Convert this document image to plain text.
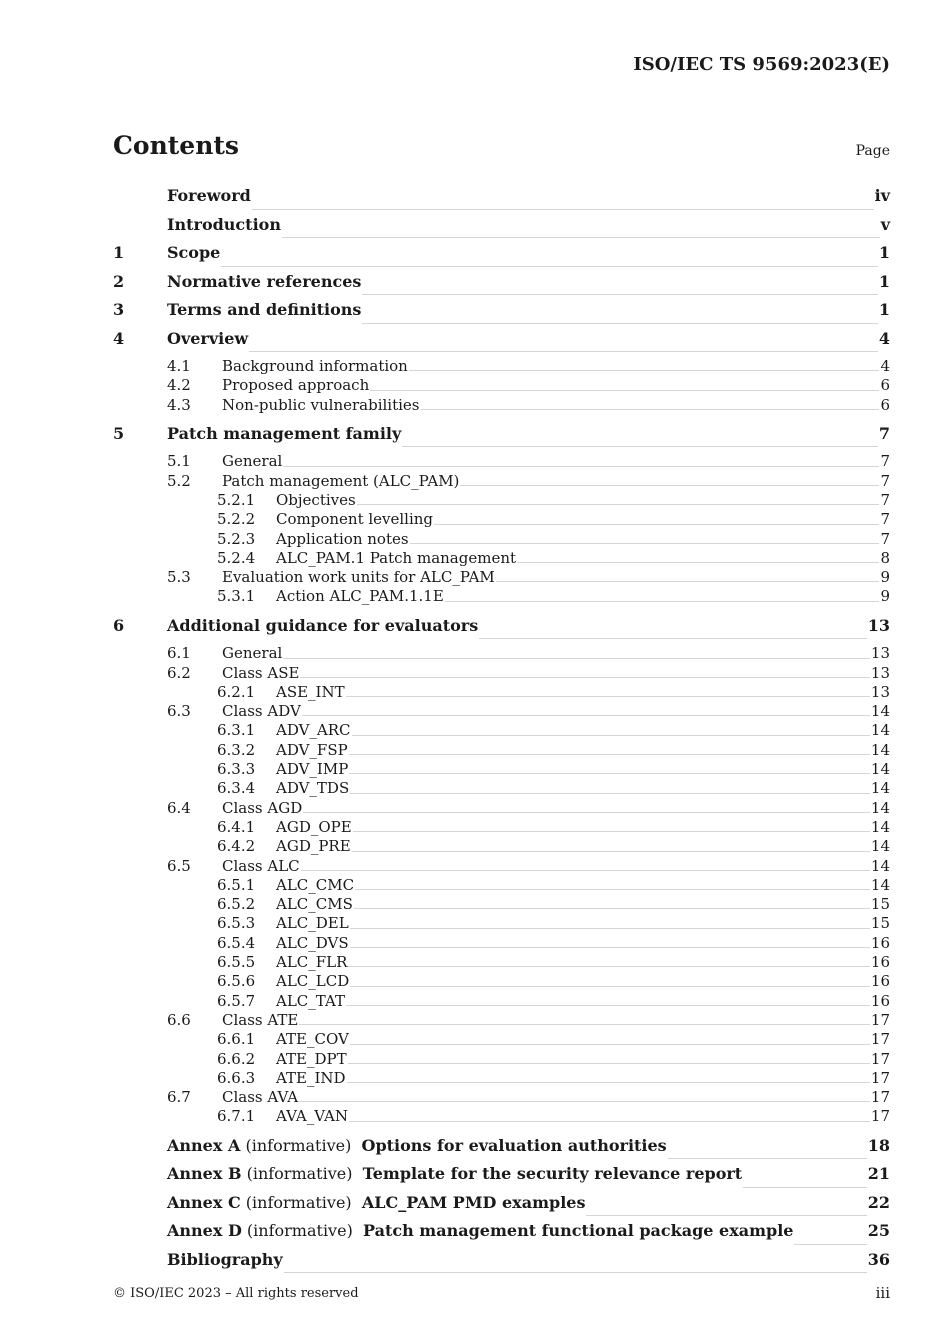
ISO/IEC TS 9569:2023(E)
Contents	Page
Foreword	iv
Introduction	v
1	Scope	1
2	Normative references	1
3	Terms and definitions	1
4	Overview	4
4.1	Background information	4
4.2	Proposed approach	6
4.3	Non-public vulnerabilities	6
5	Patch management family	7
5.1	General	7
5.2	Patch management (ALC_PAM)	7
5.2.1	Objectives	7
5.2.2	Component levelling	7
5.2.3	Application notes	7
5.2.4	ALC_PAM.1 Patch management	8
5.3	Evaluation work units for ALC_PAM	9
5.3.1	Action ALC_PAM.1.1E	9
6	Additional guidance for evaluators	13
6.1	General	13
6.2	Class ASE	13
6.2.1	ASE_INT	13
6.3	Class ADV	14
6.3.1	ADV_ARC	14
6.3.2	ADV_FSP	14
6.3.3	ADV_IMP	14
6.3.4	ADV_TDS	14
6.4	Class AGD	14
6.4.1	AGD_OPE	14
6.4.2	AGD_PRE	14
6.5	Class ALC	14
6.5.1	ALC_CMC	14
6.5.2	ALC_CMS	15
6.5.3	ALC_DEL	15
6.5.4	ALC_DVS	16
6.5.5	ALC_FLR	16
6.5.6	ALC_LCD	16
6.5.7	ALC_TAT	16
6.6	Class ATE	17
6.6.1	ATE_COV	17
6.6.2	ATE_DPT	17
6.6.3	ATE_IND	17
6.7	Class AVA	17
6.7.1	AVA_VAN	17
Annex A (informative)  Options for evaluation authorities	18
Annex B (informative)  Template for the security relevance report	21
Annex C (informative)  ALC_PAM PMD examples	22
Annex D (informative)  Patch management functional package example	25
Bibliography	36
© ISO/IEC 2023 – All rights reserved	iii
